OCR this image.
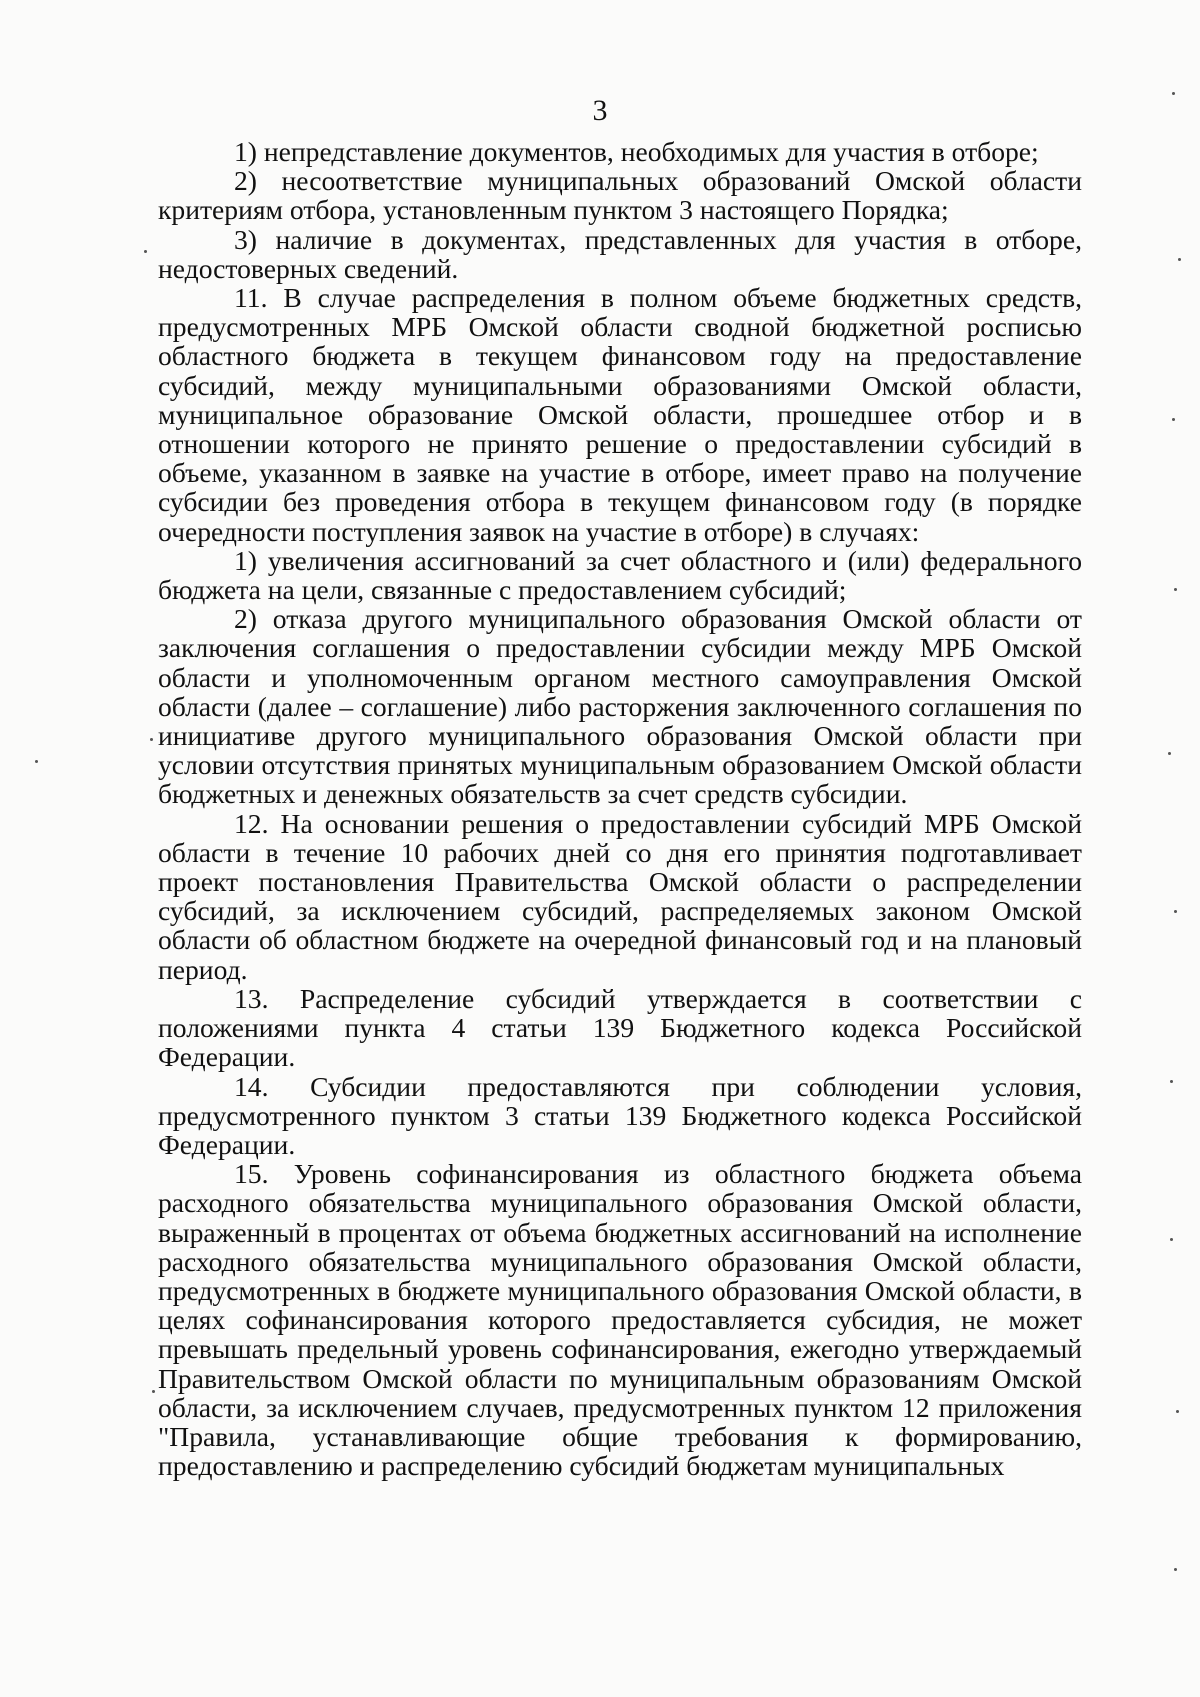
3

1) непредставление документов, необходимых для участия в отборе;

2) несоответствие муниципальных образований Омской области критериям отбора, установленным пунктом 3 настоящего Порядка;

3) наличие в документах, представленных для участия в отборе, недостоверных сведений.

11. В случае распределения в полном объеме бюджетных средств, предусмотренных МРБ Омской области сводной бюджетной росписью областного бюджета в текущем финансовом году на предоставление субсидий, между муниципальными образованиями Омской области, муниципальное образование Омской области, прошедшее отбор и в отношении которого не принято решение о предоставлении субсидий в объеме, указанном в заявке на участие в отборе, имеет право на получение субсидии без проведения отбора в текущем финансовом году (в порядке очередности поступления заявок на участие в отборе) в случаях:

1) увеличения ассигнований за счет областного и (или) федерального бюджета на цели, связанные с предоставлением субсидий;

2) отказа другого муниципального образования Омской области от заключения соглашения о предоставлении субсидии между МРБ Омской области и уполномоченным органом местного самоуправления Омской области (далее – соглашение) либо расторжения заключенного соглашения по инициативе другого муниципального образования Омской области при условии отсутствия принятых муниципальным образованием Омской области бюджетных и денежных обязательств за счет средств субсидии.

12. На основании решения о предоставлении субсидий МРБ Омской области в течение 10 рабочих дней со дня его принятия подготавливает проект постановления Правительства Омской области о распределении субсидий, за исключением субсидий, распределяемых законом Омской области об областном бюджете на очередной финансовый год и на плановый период.

13. Распределение субсидий утверждается в соответствии с положениями пункта 4 статьи 139 Бюджетного кодекса Российской Федерации.

14. Субсидии предоставляются при соблюдении условия, предусмотренного пунктом 3 статьи 139 Бюджетного кодекса Российской Федерации.

15. Уровень софинансирования из областного бюджета объема расходного обязательства муниципального образования Омской области, выраженный в процентах от объема бюджетных ассигнований на исполнение расходного обязательства муниципального образования Омской области, предусмотренных в бюджете муниципального образования Омской области, в целях софинансирования которого предоставляется субсидия, не может превышать предельный уровень софинансирования, ежегодно утверждаемый Правительством Омской области по муниципальным образованиям Омской области, за исключением случаев, предусмотренных пунктом 12 приложения "Правила, устанавливающие общие требования к формированию, предоставлению и распределению субсидий бюджетам муниципальных
